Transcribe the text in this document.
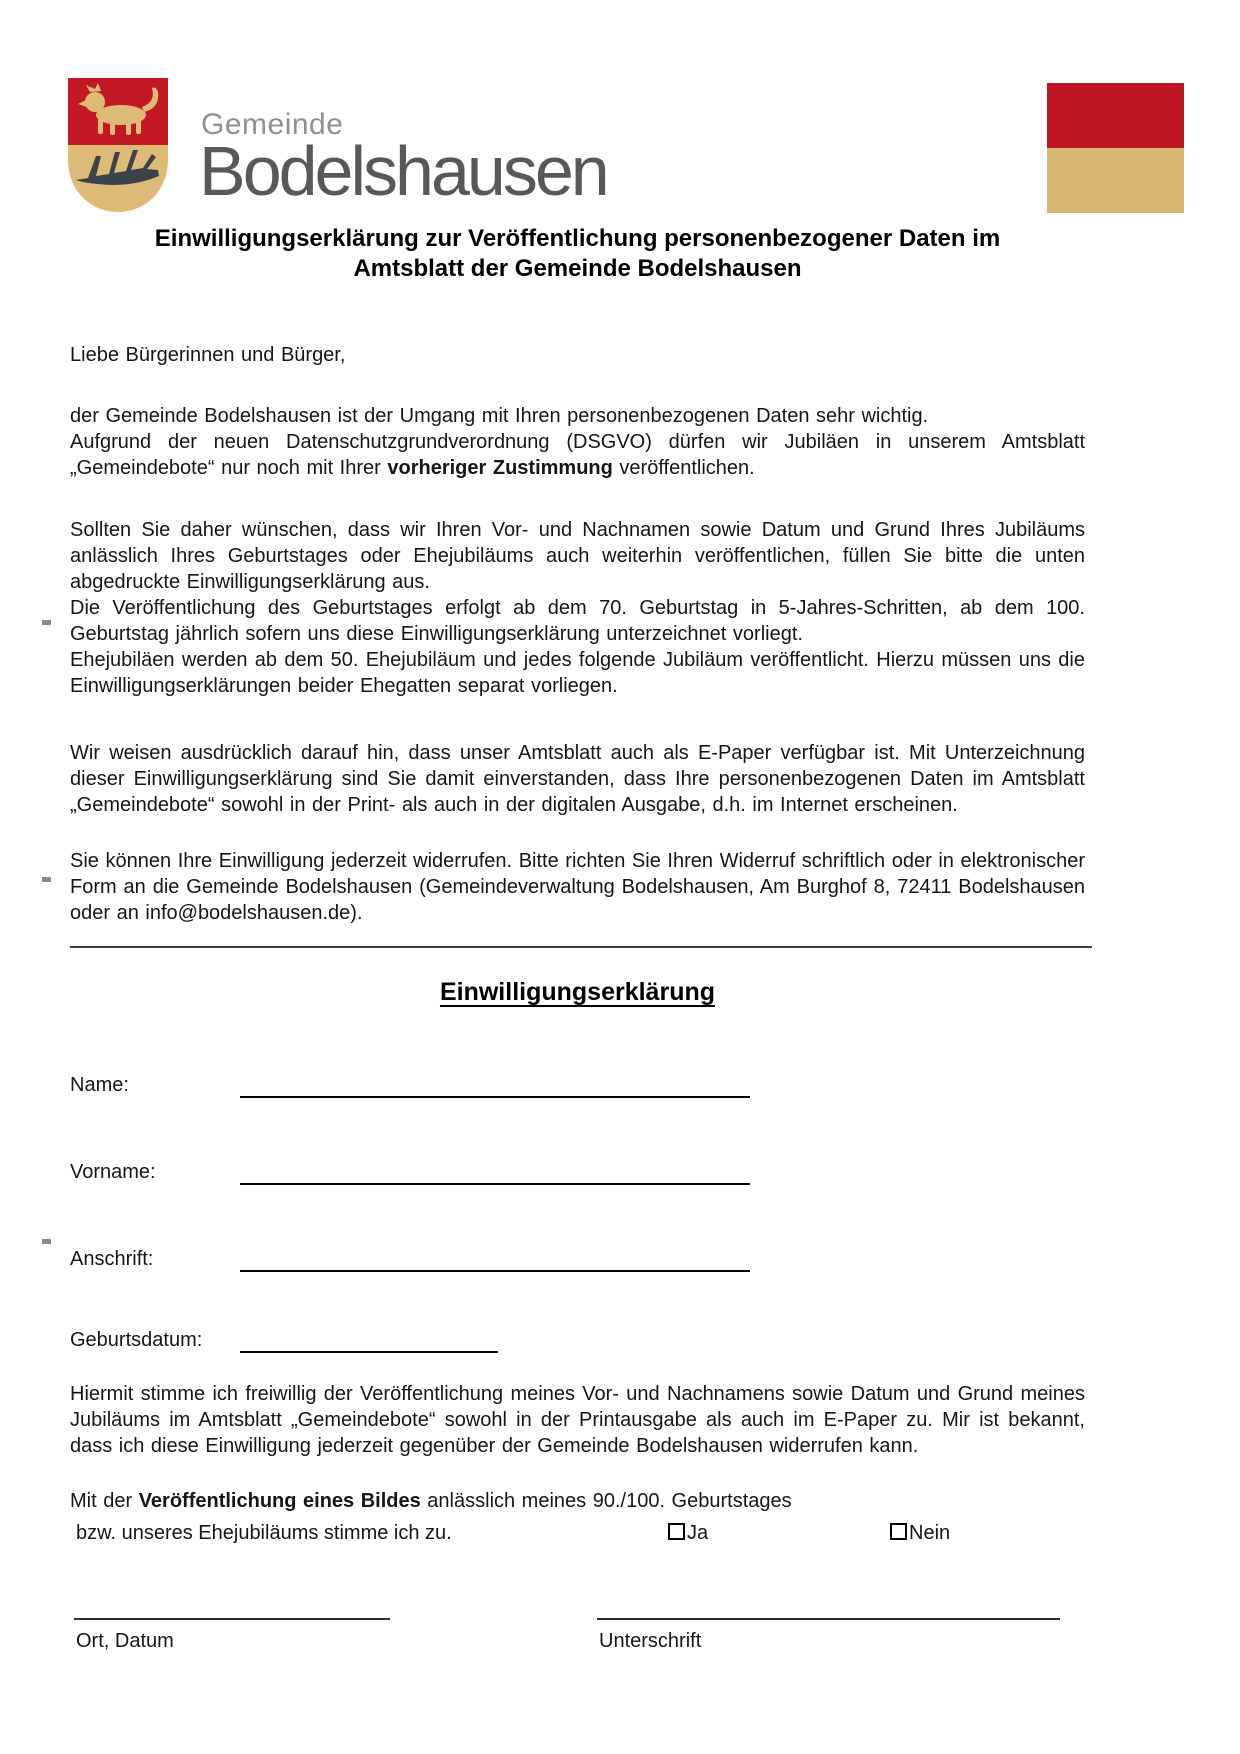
Gemeinde
Bodelshausen
Einwilligungserklärung zur Veröffentlichung personenbezogener Daten im
Amtsblatt der Gemeinde Bodelshausen
Liebe Bürgerinnen und Bürger,
der Gemeinde Bodelshausen ist der Umgang mit Ihren personenbezogenen Daten sehr wichtig.
Aufgrund der neuen Datenschutzgrundverordnung (DSGVO) dürfen wir Jubiläen in unserem Amtsblatt „Gemeindebote“ nur noch mit Ihrer vorheriger Zustimmung veröffentlichen.
Sollten Sie daher wünschen, dass wir Ihren Vor- und Nachnamen sowie Datum und Grund Ihres Jubiläums anlässlich Ihres Geburtstages oder Ehejubiläums auch weiterhin veröffentlichen, füllen Sie bitte die unten abgedruckte Einwilligungserklärung aus.
Die Veröffentlichung des Geburtstages erfolgt ab dem 70. Geburtstag in 5-Jahres-Schritten, ab dem 100. Geburtstag jährlich sofern uns diese Einwilligungserklärung unterzeichnet vorliegt.
Ehejubiläen werden ab dem 50. Ehejubiläum und jedes folgende Jubiläum veröffentlicht. Hierzu müssen uns die Einwilligungserklärungen beider Ehegatten separat vorliegen.
Wir weisen ausdrücklich darauf hin, dass unser Amtsblatt auch als E-Paper verfügbar ist. Mit Unterzeichnung dieser Einwilligungserklärung sind Sie damit einverstanden, dass Ihre personenbezogenen Daten im Amtsblatt „Gemeindebote“ sowohl in der Print- als auch in der digitalen Ausgabe, d.h. im Internet erscheinen.
Sie können Ihre Einwilligung jederzeit widerrufen. Bitte richten Sie Ihren Widerruf schriftlich oder in elektronischer Form an die Gemeinde Bodelshausen (Gemeindeverwaltung Bodelshausen, Am Burghof 8, 72411 Bodelshausen oder an info@bodelshausen.de).
Einwilligungserklärung
Name:
Vorname:
Anschrift:
Geburtsdatum:
Hiermit stimme ich freiwillig der Veröffentlichung meines Vor- und Nachnamens sowie Datum und Grund meines Jubiläums im Amtsblatt „Gemeindebote“ sowohl in der Printausgabe als auch im E-Paper zu. Mir ist bekannt, dass ich diese Einwilligung jederzeit gegenüber der Gemeinde Bodelshausen widerrufen kann.
Mit der Veröffentlichung eines Bildes anlässlich meines 90./100. Geburtstages
bzw. unseres Ehejubiläums stimme ich zu.	Ja	Nein
Ort, Datum	Unterschrift
